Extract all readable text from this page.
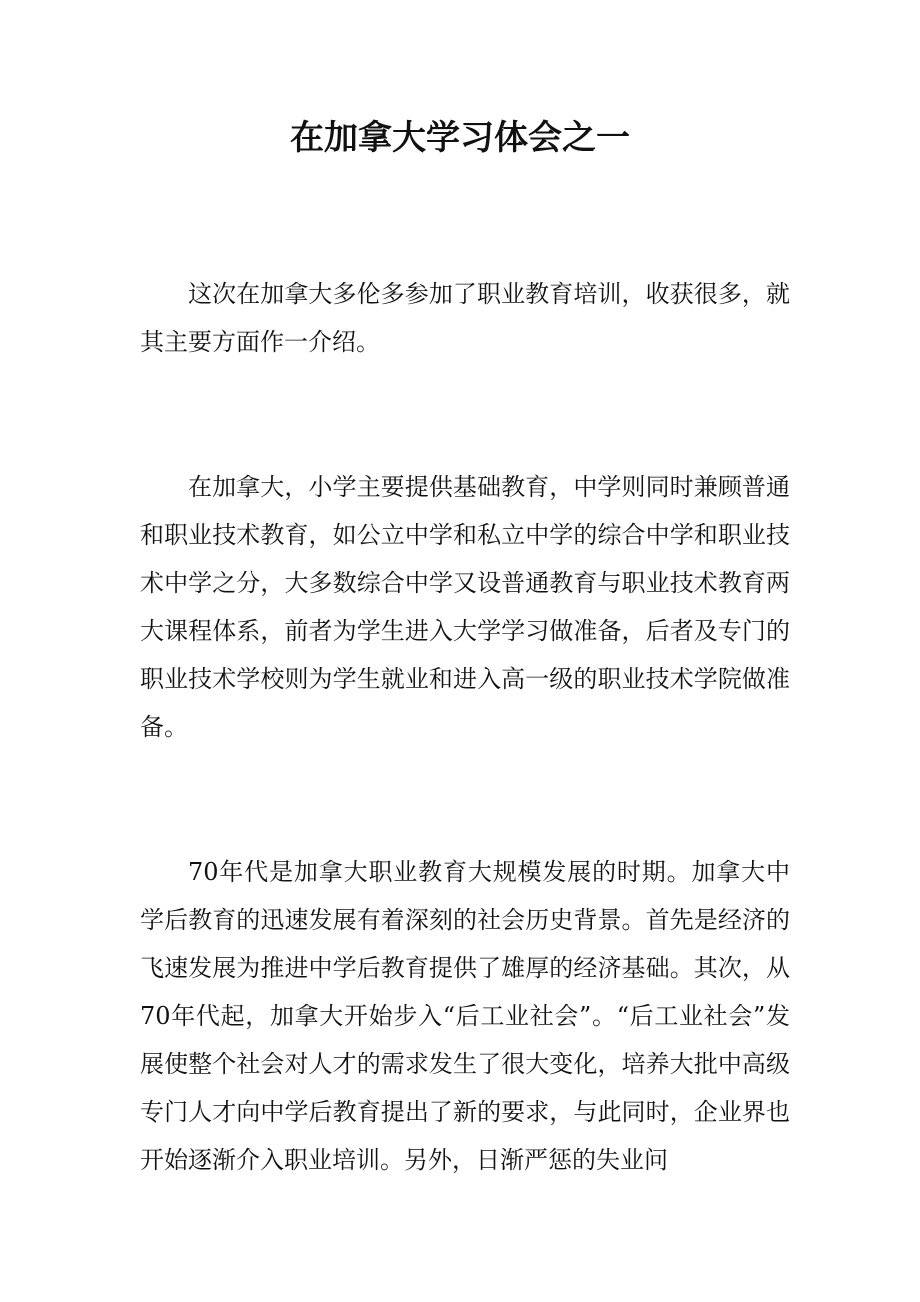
在加拿大学习体会之一

这次在加拿大多伦多参加了职业教育培训，收获很多，就其主要方面作一介绍。

在加拿大，小学主要提供基础教育，中学则同时兼顾普通和职业技术教育，如公立中学和私立中学的综合中学和职业技术中学之分，大多数综合中学又设普通教育与职业技术教育两大课程体系，前者为学生进入大学学习做准备，后者及专门的职业技术学校则为学生就业和进入高一级的职业技术学院做准备。

70年代是加拿大职业教育大规模发展的时期。加拿大中学后教育的迅速发展有着深刻的社会历史背景。首先是经济的飞速发展为推进中学后教育提供了雄厚的经济基础。其次，从70年代起，加拿大开始步入“后工业社会”。“后工业社会”发展使整个社会对人才的需求发生了很大变化，培养大批中高级专门人才向中学后教育提出了新的要求，与此同时，企业界也开始逐渐介入职业培训。另外，日渐严惩的失业问
